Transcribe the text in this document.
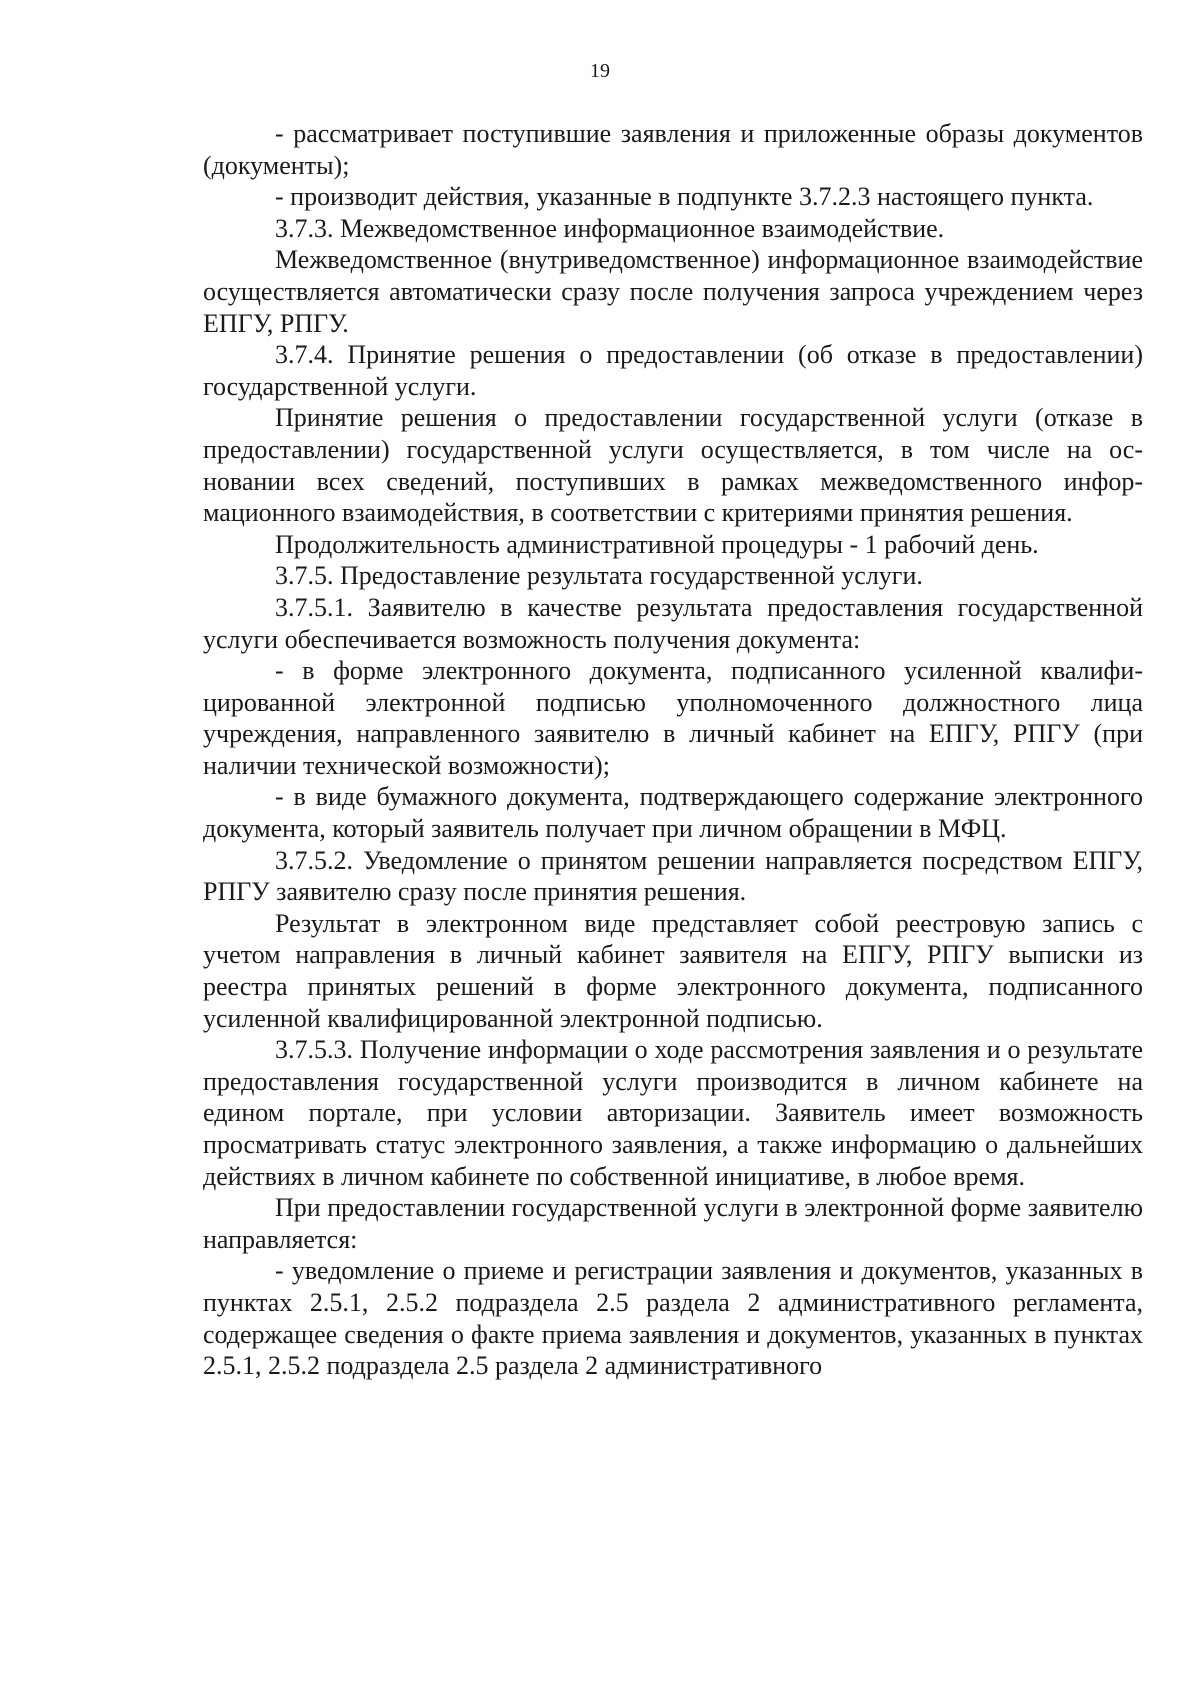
19

- рассматривает поступившие заявления и приложенные образы документов (документы);

- производит действия, указанные в подпункте 3.7.2.3 настоящего пункта.

3.7.3. Межведомственное информационное взаимодействие.

Межведомственное (внутриведомственное) информационное взаимодействие осуществляется автоматически сразу после получения запроса учреждением через ЕПГУ, РПГУ.

3.7.4. Принятие решения о предоставлении (об отказе в предоставлении) государственной услуги.

Принятие решения о предоставлении государственной услуги (отказе в предоставлении) государственной услуги осуществляется, в том числе на основании всех сведений, поступивших в рамках межведомственного информационного взаимодействия, в соответствии с критериями принятия решения.

Продолжительность административной процедуры - 1 рабочий день.

3.7.5. Предоставление результата государственной услуги.

3.7.5.1. Заявителю в качестве результата предоставления государственной услуги обеспечивается возможность получения документа:

- в форме электронного документа, подписанного усиленной квалифицированной электронной подписью уполномоченного должностного лица учреждения, направленного заявителю в личный кабинет на ЕПГУ, РПГУ (при наличии технической возможности);

- в виде бумажного документа, подтверждающего содержание электронного документа, который заявитель получает при личном обращении в МФЦ.

3.7.5.2. Уведомление о принятом решении направляется посредством ЕПГУ, РПГУ заявителю сразу после принятия решения.

Результат в электронном виде представляет собой реестровую запись с учетом направления в личный кабинет заявителя на ЕПГУ, РПГУ выписки из реестра принятых решений в форме электронного документа, подписанного усиленной квалифицированной электронной подписью.

3.7.5.3. Получение информации о ходе рассмотрения заявления и о результате предоставления государственной услуги производится в личном кабинете на едином портале, при условии авторизации. Заявитель имеет возможность просматривать статус электронного заявления, а также информацию о дальнейших действиях в личном кабинете по собственной инициативе, в любое время.

При предоставлении государственной услуги в электронной форме заявителю направляется:

- уведомление о приеме и регистрации заявления и документов, указанных в пунктах 2.5.1, 2.5.2 подраздела 2.5 раздела 2 административного регламента, содержащее сведения о факте приема заявления и документов, указанных в пунктах 2.5.1, 2.5.2 подраздела 2.5 раздела 2 административного
